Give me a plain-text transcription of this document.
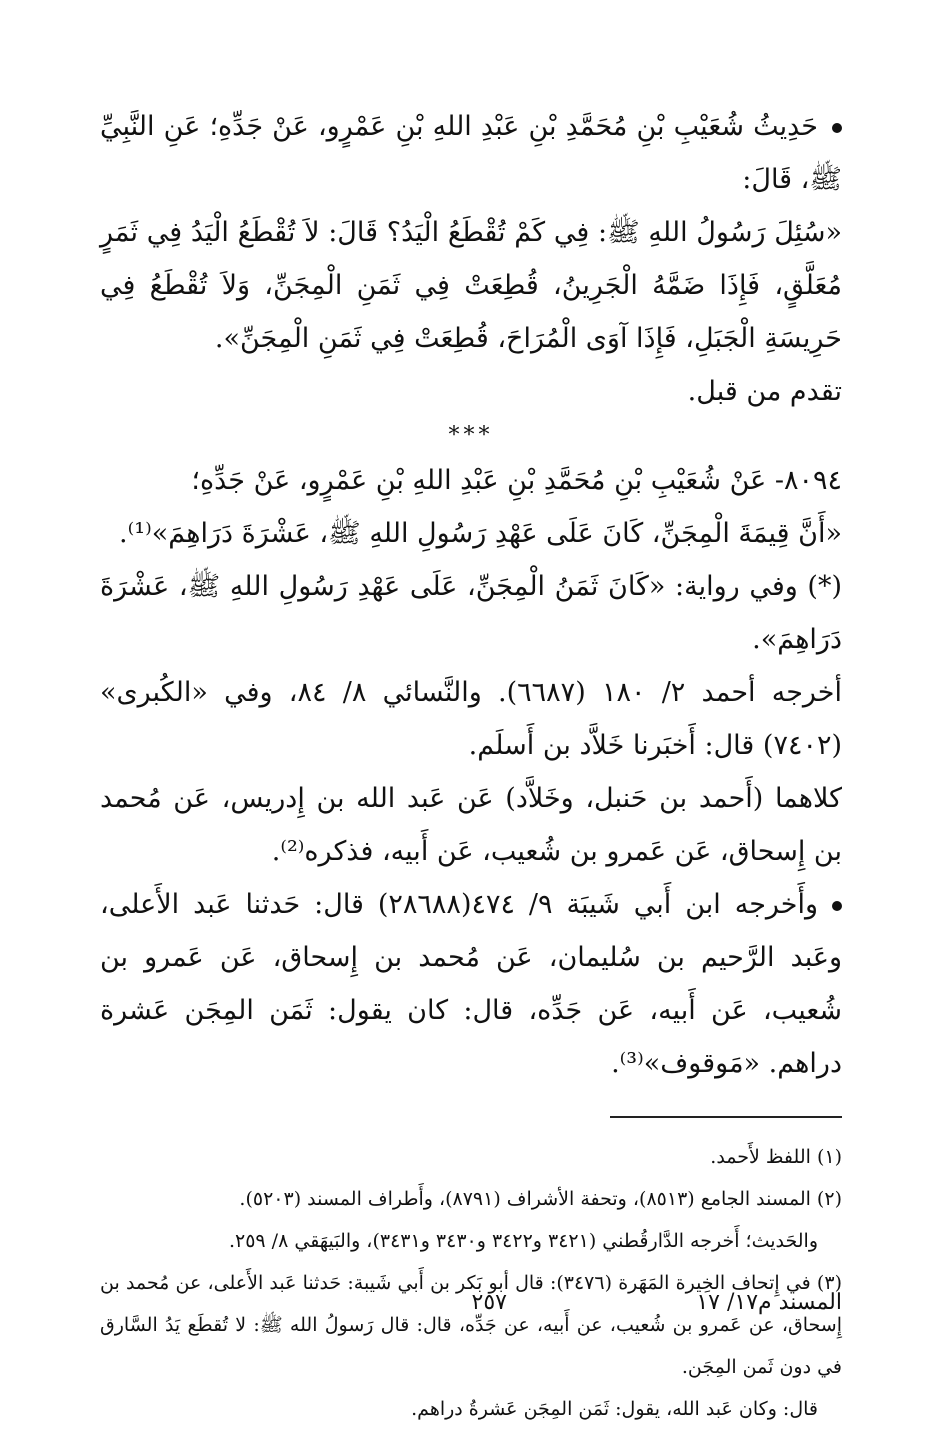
حَدِيثُ شُعَيْبِ بْنِ مُحَمَّدِ بْنِ عَبْدِ اللهِ بْنِ عَمْرٍو، عَنْ جَدِّهِ؛ عَنِ النَّبِيِّ ﷺ، قَالَ:

«سُئِلَ رَسُولُ اللهِ ﷺ: فِي كَمْ تُقْطَعُ الْيَدُ؟ قَالَ: لاَ تُقْطَعُ الْيَدُ فِي ثَمَرٍ مُعَلَّقٍ، فَإِذَا ضَمَّهُ الْجَرِينُ، قُطِعَتْ فِي ثَمَنِ الْمِجَنِّ، وَلاَ تُقْطَعُ فِي حَرِيسَةِ الْجَبَلِ، فَإِذَا آوَى الْمُرَاحَ، قُطِعَتْ فِي ثَمَنِ الْمِجَنِّ».

تقدم من قبل.

***

٨٠٩٤- عَنْ شُعَيْبِ بْنِ مُحَمَّدِ بْنِ عَبْدِ اللهِ بْنِ عَمْرٍو، عَنْ جَدِّهِ؛

«أَنَّ قِيمَةَ الْمِجَنِّ، كَانَ عَلَى عَهْدِ رَسُولِ اللهِ ﷺ، عَشْرَةَ دَرَاهِمَ»⁽¹⁾.

(*) وفي رواية: «كَانَ ثَمَنُ الْمِجَنِّ، عَلَى عَهْدِ رَسُولِ اللهِ ﷺ، عَشْرَةَ دَرَاهِمَ».

أخرجه أحمد ٢/ ١٨٠ (٦٦٨٧). والنَّسائي ٨/ ٨٤، وفي «الكُبرى» (٧٤٠٢) قال: أَخبَرنا خَلاَّد بن أَسلَم.

كلاهما (أَحمد بن حَنبل، وخَلاَّد) عَن عَبد الله بن إِدريس، عَن مُحمد بن إِسحاق، عَن عَمرو بن شُعيب، عَن أَبيه، فذكره⁽²⁾.

وأَخرجه ابن أَبي شَيبَة ٩/ ٤٧٤(٢٨٦٨٨) قال: حَدثنا عَبد الأَعلى، وعَبد الرَّحيم بن سُليمان، عَن مُحمد بن إِسحاق، عَن عَمرو بن شُعيب، عَن أَبيه، عَن جَدِّه، قال: كان يقول: ثَمَن المِجَن عَشرة دراهم. «مَوقوف»⁽³⁾.

(١) اللفظ لأَحمد.

(٢) المسند الجامع (٨٥١٣)، وتحفة الأشراف (٨٧٩١)، وأَطراف المسند (٥٢٠٣).

والحَديث؛ أَخرجه الدَّارقُطني (٣٤٢١ و٣٤٢٢ و٣٤٣٠ و٣٤٣١)، والبَيهَقي ٨/ ٢٥٩.

(٣) في إِتحاف الخِيرة المَهَرة (٣٤٧٦): قال أبو بَكر بن أَبي شَيبة: حَدثنا عَبد الأَعلى، عن مُحمد بن إِسحاق، عن عَمرو بن شُعيب، عن أَبيه، عن جَدِّه، قال: قال رَسولُ الله ﷺ: لا تُقطَع يَدُ السَّارق في دون ثَمن المِجَن.

قال: وكان عَبد الله، يقول: ثَمَن المِجَن عَشرةُ دراهم.

المسند م١٧/ ١٧
٢٥٧
